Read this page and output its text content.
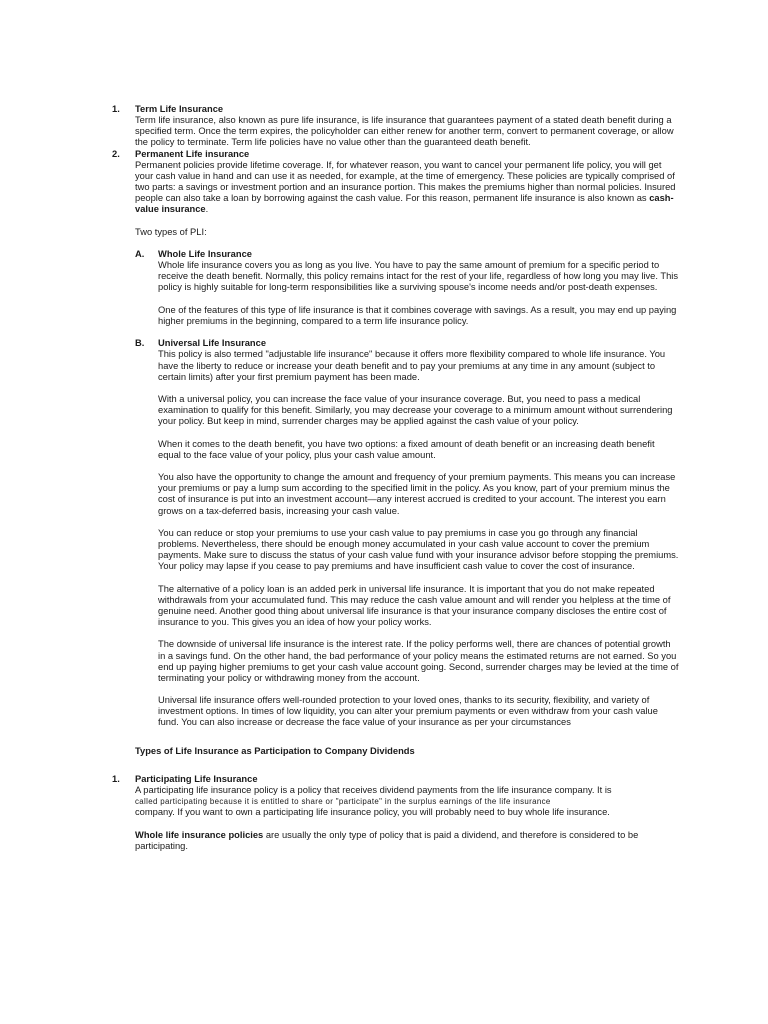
1. Term Life Insurance

Term life insurance, also known as pure life insurance, is life insurance that guarantees payment of a stated death benefit during a specified term. Once the term expires, the policyholder can either renew for another term, convert to permanent coverage, or allow the policy to terminate. Term life policies have no value other than the guaranteed death benefit.

2. Permanent Life insurance

Permanent policies provide lifetime coverage. If, for whatever reason, you want to cancel your permanent life policy, you will get your cash value in hand and can use it as needed, for example, at the time of emergency. These policies are typically comprised of two parts: a savings or investment portion and an insurance portion. This makes the premiums higher than normal policies. Insured people can also take a loan by borrowing against the cash value. For this reason, permanent life insurance is also known as cash-value insurance.

Two types of PLI:
A. Whole Life Insurance

Whole life insurance covers you as long as you live. You have to pay the same amount of premium for a specific period to receive the death benefit. Normally, this policy remains intact for the rest of your life, regardless of how long you may live. This policy is highly suitable for long-term responsibilities like a surviving spouse's income needs and/or post-death expenses.

One of the features of this type of life insurance is that it combines coverage with savings. As a result, you may end up paying higher premiums in the beginning, compared to a term life insurance policy.

B. Universal Life Insurance

This policy is also termed "adjustable life insurance" because it offers more flexibility compared to whole life insurance. You have the liberty to reduce or increase your death benefit and to pay your premiums at any time in any amount (subject to certain limits) after your first premium payment has been made.

With a universal policy, you can increase the face value of your insurance coverage. But, you need to pass a medical examination to qualify for this benefit. Similarly, you may decrease your coverage to a minimum amount without surrendering your policy. But keep in mind, surrender charges may be applied against the cash value of your policy.

When it comes to the death benefit, you have two options: a fixed amount of death benefit or an increasing death benefit equal to the face value of your policy, plus your cash value amount.

You also have the opportunity to change the amount and frequency of your premium payments. This means you can increase your premiums or pay a lump sum according to the specified limit in the policy. As you know, part of your premium minus the cost of insurance is put into an investment account—any interest accrued is credited to your account. The interest you earn grows on a tax-deferred basis, increasing your cash value.

You can reduce or stop your premiums to use your cash value to pay premiums in case you go through any financial problems. Nevertheless, there should be enough money accumulated in your cash value account to cover the premium payments. Make sure to discuss the status of your cash value fund with your insurance advisor before stopping the premiums. Your policy may lapse if you cease to pay premiums and have insufficient cash value to cover the cost of insurance.

The alternative of a policy loan is an added perk in universal life insurance. It is important that you do not make repeated withdrawals from your accumulated fund. This may reduce the cash value amount and will render you helpless at the time of genuine need. Another good thing about universal life insurance is that your insurance company discloses the entire cost of insurance to you. This gives you an idea of how your policy works.

The downside of universal life insurance is the interest rate. If the policy performs well, there are chances of potential growth in a savings fund. On the other hand, the bad performance of your policy means the estimated returns are not earned. So you end up paying higher premiums to get your cash value account going. Second, surrender charges may be levied at the time of terminating your policy or withdrawing money from the account.

Universal life insurance offers well-rounded protection to your loved ones, thanks to its security, flexibility, and variety of investment options. In times of low liquidity, you can alter your premium payments or even withdraw from your cash value fund. You can also increase or decrease the face value of your insurance as per your circumstances

Types of Life Insurance as Participation to Company Dividends
1. Participating Life Insurance
A participating life insurance policy is a policy that receives dividend payments from the life insurance company. It is
called participating because it is entitled to share or "participate" in the surplus earnings of the life insurance
company. If you want to own a participating life insurance policy, you will probably need to buy whole life insurance.

Whole life insurance policies are usually the only type of policy that is paid a dividend, and therefore is considered to be participating.
